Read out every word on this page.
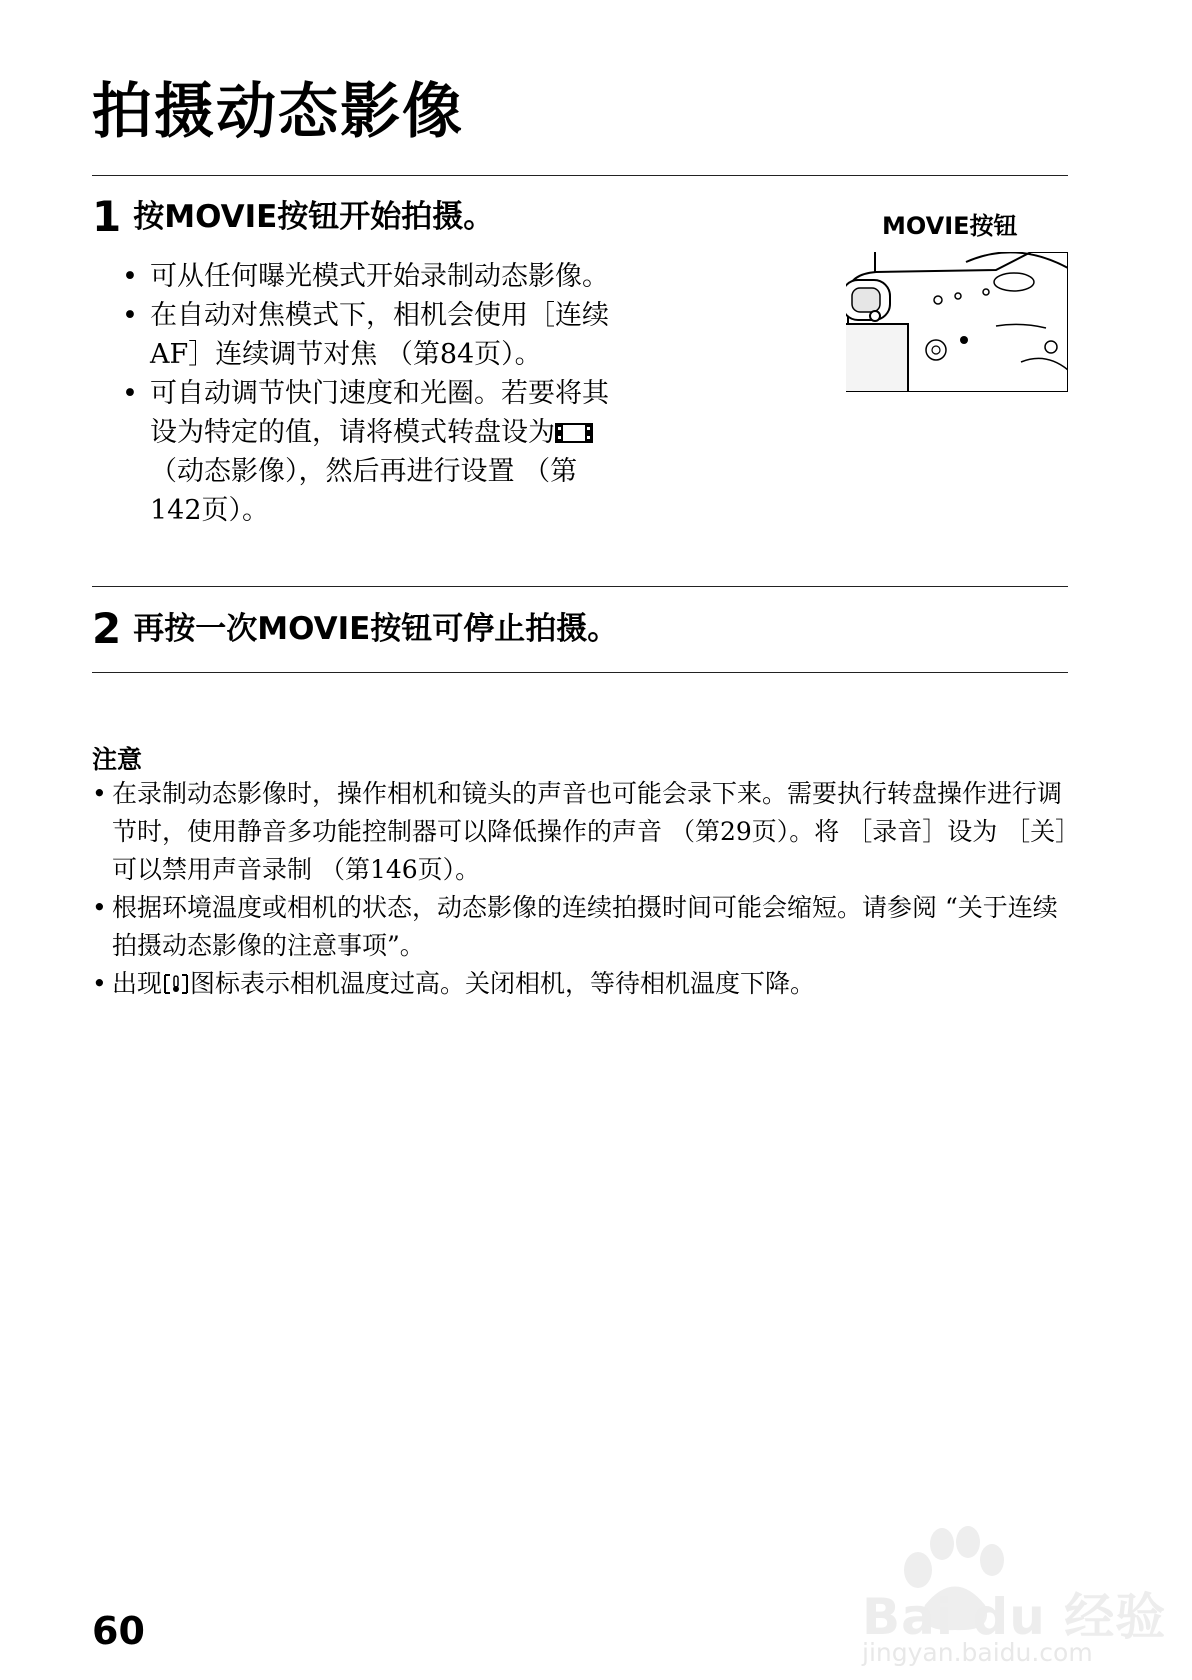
拍摄动态影像
1 按MOVIE按钮开始拍摄。
• 可从任何曝光模式开始录制动态影像。
• 在自动对焦模式下，相机会使用［连续AF］连续调节对焦 （第84页）。
• 可自动调节快门速度和光圈。若要将其设为特定的值，请将模式转盘设为（动态影像），然后再进行设置 （第142页）。
MOVIE按钮
2 再按一次MOVIE按钮可停止拍摄。
注意
• 在录制动态影像时，操作相机和镜头的声音也可能会录下来。需要执行转盘操作进行调节时，使用静音多功能控制器可以降低操作的声音 （第29页）。将 ［录音］设为 ［关］可以禁用声音录制 （第146页）。
• 根据环境温度或相机的状态，动态影像的连续拍摄时间可能会缩短。请参阅 “关于连续拍摄动态影像的注意事项”。
• 出现 图标表示相机温度过高。关闭相机，等待相机温度下降。
60	Bai du 经验
jingyan.baidu.com
